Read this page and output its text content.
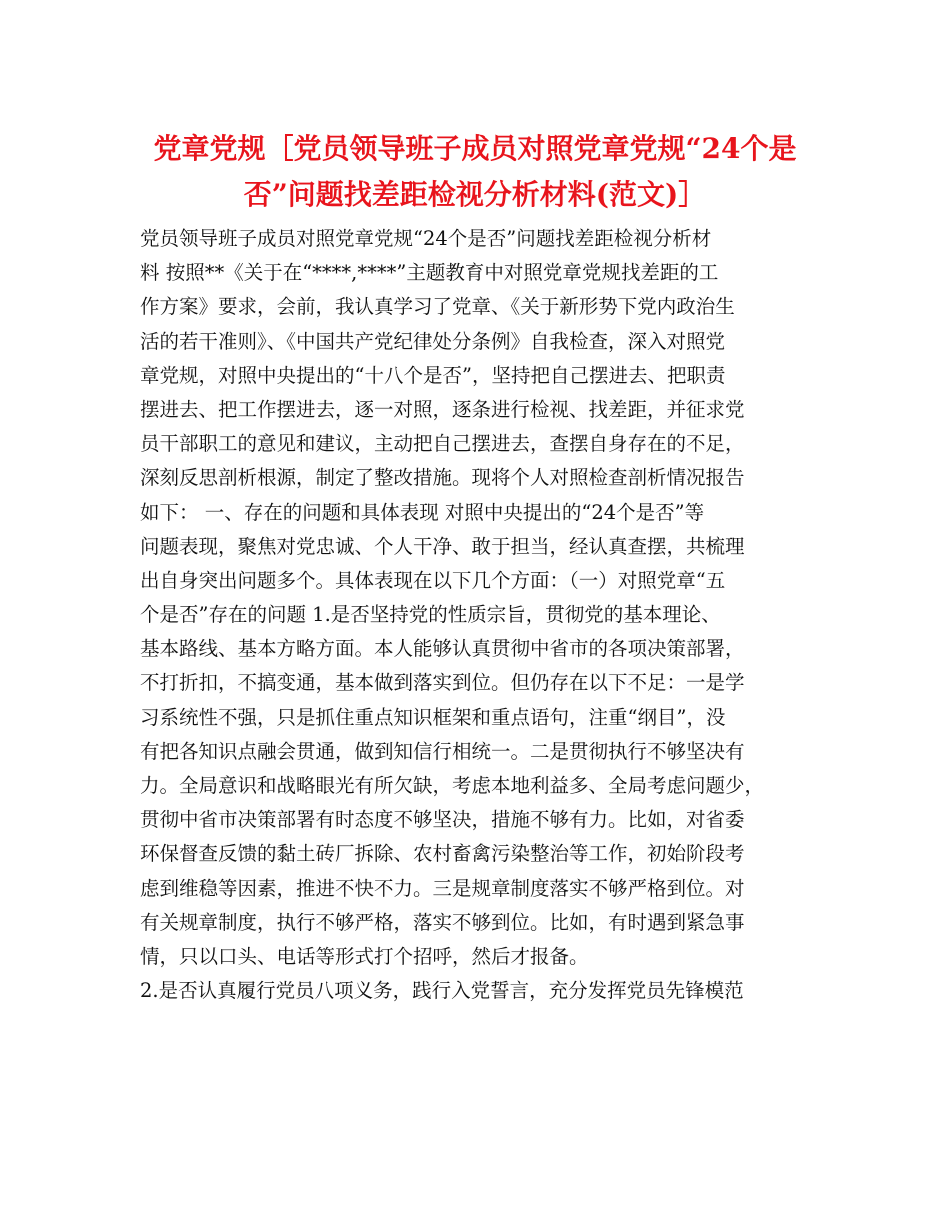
党章党规［党员领导班子成员对照党章党规“24个是
否”问题找差距检视分析材料(范文)］
党员领导班子成员对照党章党规“24个是否”问题找差距检视分析材
料 按照**《关于在“****,****”主题教育中对照党章党规找差距的工
作方案》要求，会前，我认真学习了党章、《关于新形势下党内政治生
活的若干准则》、《中国共产党纪律处分条例》自我检查，深入对照党
章党规，对照中央提出的“十八个是否”，坚持把自己摆进去、把职责
摆进去、把工作摆进去，逐一对照，逐条进行检视、找差距，并征求党
员干部职工的意见和建议，主动把自己摆进去，查摆自身存在的不足，
深刻反思剖析根源，制定了整改措施。现将个人对照检查剖析情况报告
如下： 一、存在的问题和具体表现 对照中央提出的“24个是否”等
问题表现，聚焦对党忠诚、个人干净、敢于担当，经认真查摆，共梳理
出自身突出问题多个。具体表现在以下几个方面：（一）对照党章“五
个是否”存在的问题 1.是否坚持党的性质宗旨，贯彻党的基本理论、
基本路线、基本方略方面。本人能够认真贯彻中省市的各项决策部署，
不打折扣，不搞变通，基本做到落实到位。但仍存在以下不足：一是学
习系统性不强，只是抓住重点知识框架和重点语句，注重“纲目”，没
有把各知识点融会贯通，做到知信行相统一。二是贯彻执行不够坚决有
力。全局意识和战略眼光有所欠缺，考虑本地利益多、全局考虑问题少，
贯彻中省市决策部署有时态度不够坚决，措施不够有力。比如，对省委
环保督查反馈的黏土砖厂拆除、农村畜禽污染整治等工作，初始阶段考
虑到维稳等因素，推进不快不力。三是规章制度落实不够严格到位。对
有关规章制度，执行不够严格，落实不够到位。比如，有时遇到紧急事
情，只以口头、电话等形式打个招呼，然后才报备。
2.是否认真履行党员八项义务，践行入党誓言，充分发挥党员先锋模范
